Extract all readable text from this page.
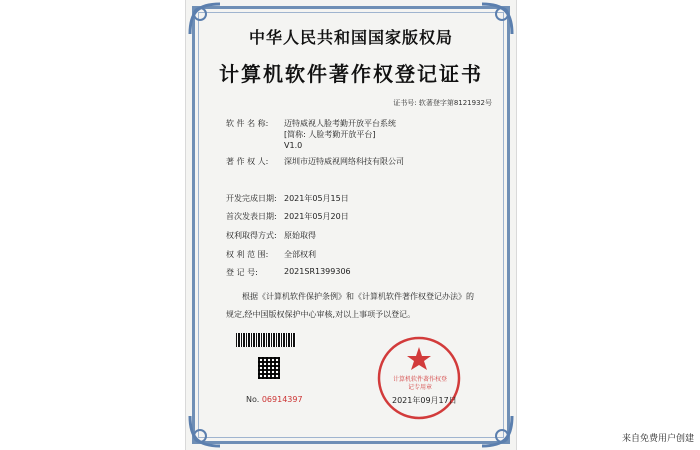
中华人民共和国国家版权局
计算机软件著作权登记证书
证书号: 软著登字第8121932号
软 件 名 称:	迈特威视人脸考勤开放平台系统
[简称: 人脸考勤开放平台]
V1.0
著 作 权 人:	深圳市迈特威视网络科技有限公司
开发完成日期: 2021年05月15日
首次发表日期: 2021年05月20日
权利取得方式: 原始取得
权 利 范 围:	全部权利
登 记 号:	2021SR1399306
根据《计算机软件保护条例》和《计算机软件著作权登记办法》的
规定,经中国版权保护中心审核,对以上事项予以登记。
No. 06914397
计算机软件著作权登记专用章
2021年09月17日
来自免费用户创建
